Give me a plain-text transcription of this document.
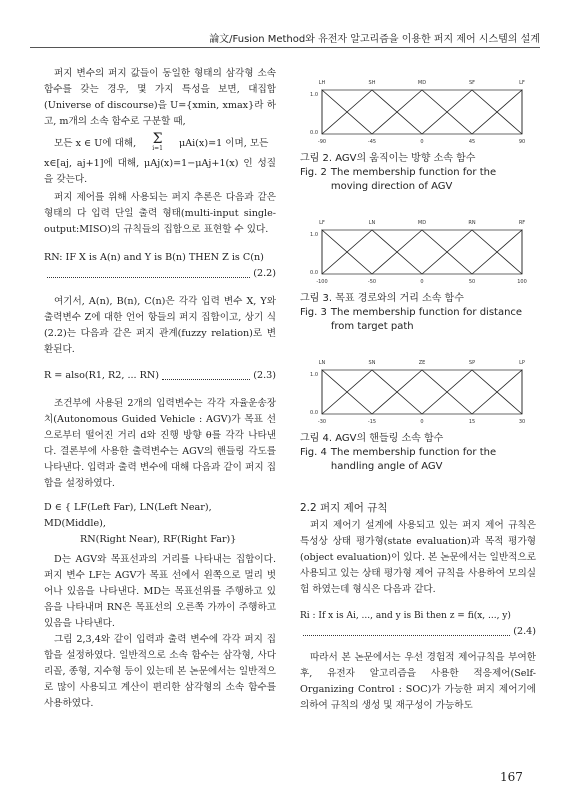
論文/Fusion Method와 유전자 알고리즘을 이용한 퍼지 제어 시스템의 설계

퍼지 변수의 퍼지 값들이 동일한 형태의 삼각형 소속함수를 갖는 경우, 몇 가지 특성을 보면, 대집합(Universe of discourse)을 U={xmin, xmax}라 하고, m개의 소속 함수로 구분할 때,

모든 x ∈ U에 대해,	Σ
i=1	μAi(x)=1 이며, 모든

x∈[aj, aj+1]에 대해, μAj(x)=1−μAj+1(x) 인 성질을 갖는다.

퍼지 제어를 위해 사용되는 퍼지 추론은 다음과 같은 형태의 다 입력 단일 출력 형태(multi-input single- output:MISO)의 규칙들의 집합으로 표현할 수 있다.

RN: IF X is A(n) and Y is B(n) THEN Z is C(n)
(2.2)

여기서, A(n), B(n), C(n)은 각각 입력 변수 X, Y와 출력변수 Z에 대한 언어 항들의 퍼지 집합이고, 상기 식 (2.2)는 다음과 같은 퍼지 관계(fuzzy relation)로 변환된다.

R = also(R1, R2, ... RN)	(2.3)

조건부에 사용된 2개의 입력변수는 각각 자율운송장치(Autonomous Guided Vehicle : AGV)가 목표 선으로부터 떨어진 거리 d와 진행 방향 θ를 각각 나타낸다. 결론부에 사용한 출력변수는 AGV의 핸들링 각도를 나타낸다. 입력과 출력 변수에 대해 다음과 같이 퍼지 집합을 설정하였다.

D ∈ { LF(Left Far), LN(Left Near), MD(Middle),
RN(Right Near), RF(Right Far)}

D는 AGV와 목표선과의 거리를 나타내는 집합이다. 퍼지 변수 LF는 AGV가 목표 선에서 왼쪽으로 멀리 벗어나 있음을 나타낸다. MD는 목표선위를 주행하고 있음을 나타내며 RN은 목표선의 오른쪽 가까이 주행하고 있음을 나타낸다.

그림 2,3,4와 같이 입력과 출력 변수에 각각 퍼지 집합을 설정하였다. 일반적으로 소속 함수는 삼각형, 사다리꼴, 종형, 지수형 등이 있는데 본 논문에서는 일반적으로 많이 사용되고 계산이 편리한 삼각형의 소속 함수를 사용하였다.

LH
-90
SH
-45
MD
0
SF
45
LF
90
1.0
0.0
그림 2. AGV의 움직이는 방향 소속 함수
Fig. 2 The membership function for the moving direction of AGV
LF
-100
LN
-50
MD
0
RN
50
RF
100
1.0
0.0
그림 3. 목표 경로와의 거리 소속 함수
Fig. 3 The membership function for distance from target path
LN
-30
SN
-15
ZE
0
SP
15
LP
30
1.0
0.0
그림 4. AGV의 핸들링 소속 함수
Fig. 4 The membership function for the handling angle of AGV
2.2 퍼지 제어 규칙

퍼지 제어기 설계에 사용되고 있는 퍼지 제어 규칙은 특성상 상태 평가형(state evaluation)과 목적 평가형(object evaluation)이 있다. 본 논문에서는 일반적으로 사용되고 있는 상태 평가형 제어 규칙을 사용하여 모의실험 하였는데 형식은 다음과 같다.

Ri : If x is Ai, ..., and y is Bi then z = fi(x, ..., y)
(2.4)

따라서 본 논문에서는 우선 경험적 제어규칙을 부여한 후, 유전자 알고리즘을 사용한 적응제어(Self-Organizing Control : SOC)가 가능한 퍼지 제어기에 의하여 규칙의 생성 및 재구성이 가능하도

167
